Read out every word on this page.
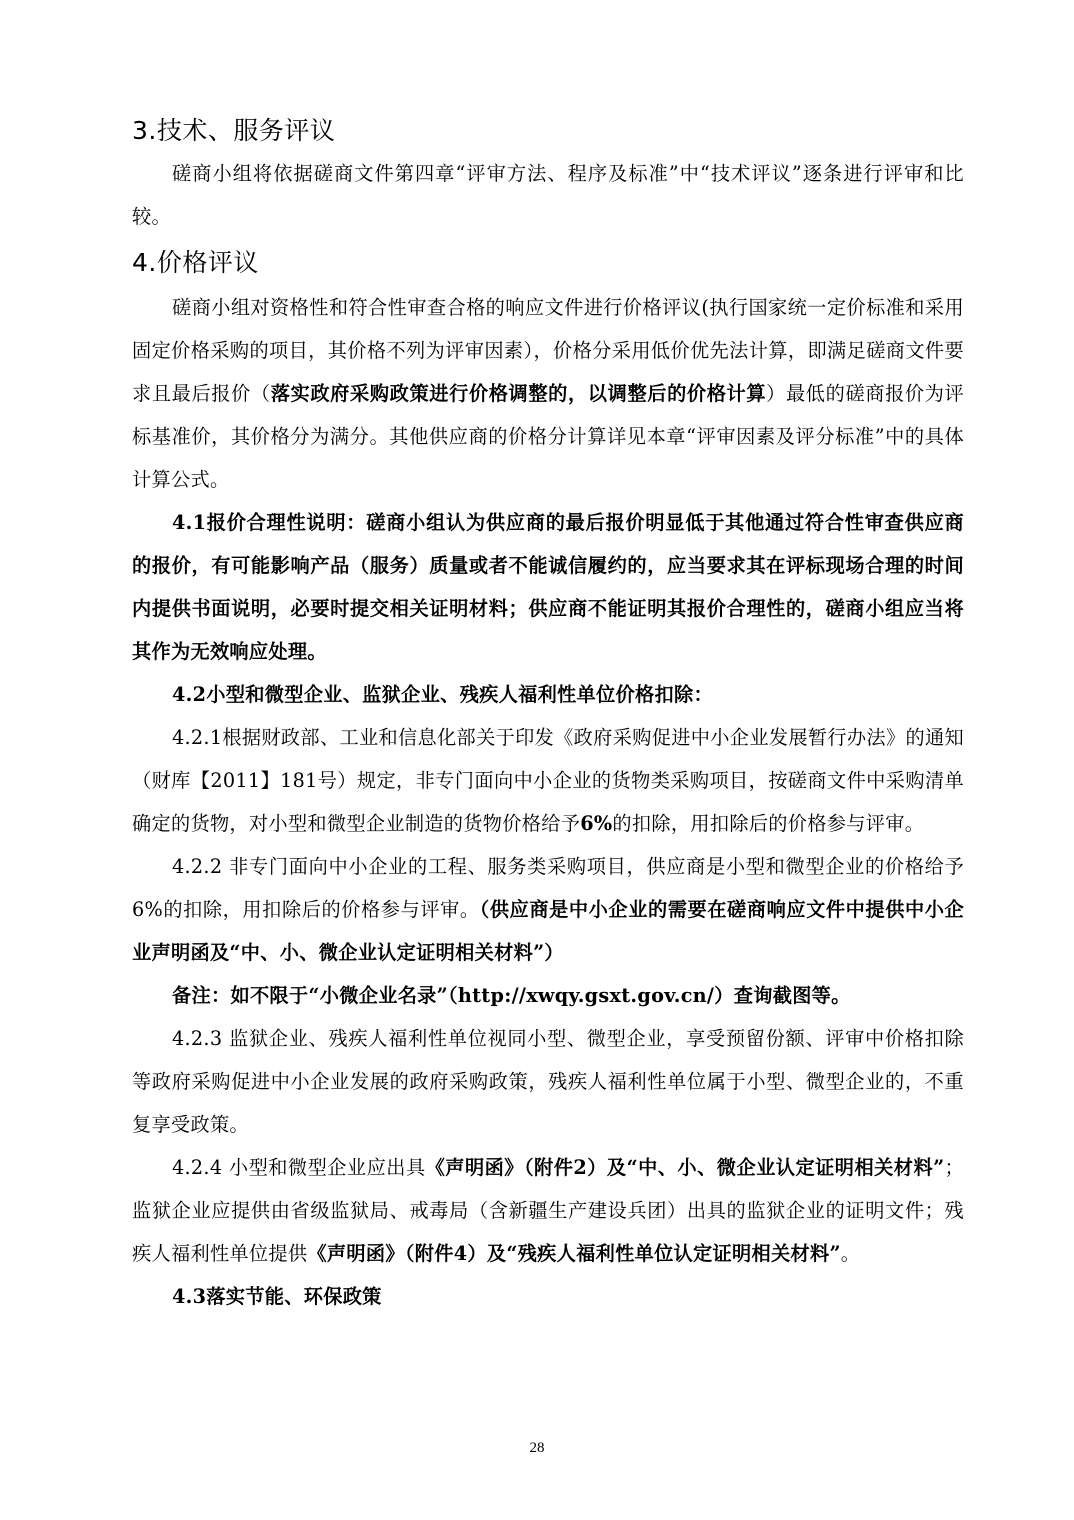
3.技术、服务评议

磋商小组将依据磋商文件第四章“评审方法、程序及标准”中“技术评议”逐条进行评审和比较。

4.价格评议

磋商小组对资格性和符合性审查合格的响应文件进行价格评议(执行国家统一定价标准和采用固定价格采购的项目，其价格不列为评审因素），价格分采用低价优先法计算，即满足磋商文件要求且最后报价（落实政府采购政策进行价格调整的，以调整后的价格计算）最低的磋商报价为评标基准价，其价格分为满分。其他供应商的价格分计算详见本章“评审因素及评分标准”中的具体计算公式。

4.1报价合理性说明：磋商小组认为供应商的最后报价明显低于其他通过符合性审查供应商的报价，有可能影响产品（服务）质量或者不能诚信履约的，应当要求其在评标现场合理的时间内提供书面说明，必要时提交相关证明材料；供应商不能证明其报价合理性的，磋商小组应当将其作为无效响应处理。

4.2小型和微型企业、监狱企业、残疾人福利性单位价格扣除：

4.2.1根据财政部、工业和信息化部关于印发《政府采购促进中小企业发展暂行办法》的通知（财库【2011】181号）规定，非专门面向中小企业的货物类采购项目，按磋商文件中采购清单确定的货物，对小型和微型企业制造的货物价格给予6%的扣除，用扣除后的价格参与评审。

4.2.2 非专门面向中小企业的工程、服务类采购项目，供应商是小型和微型企业的价格给予6%的扣除，用扣除后的价格参与评审。（供应商是中小企业的需要在磋商响应文件中提供中小企业声明函及“中、小、微企业认定证明相关材料”）

备注：如不限于“小微企业名录”（http://xwqy.gsxt.gov.cn/）查询截图等。

4.2.3 监狱企业、残疾人福利性单位视同小型、微型企业，享受预留份额、评审中价格扣除等政府采购促进中小企业发展的政府采购政策，残疾人福利性单位属于小型、微型企业的，不重复享受政策。

4.2.4 小型和微型企业应出具《声明函》（附件2）及“中、小、微企业认定证明相关材料”；监狱企业应提供由省级监狱局、戒毒局（含新疆生产建设兵团）出具的监狱企业的证明文件；残疾人福利性单位提供《声明函》（附件4）及“残疾人福利性单位认定证明相关材料”。

4.3落实节能、环保政策

28
